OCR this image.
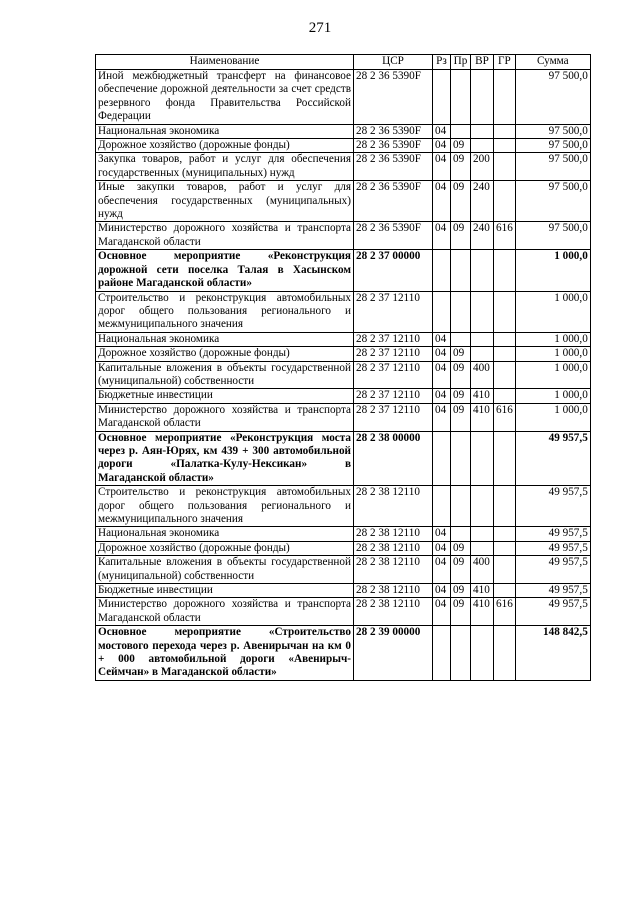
271
Наименование	ЦСР	Рз	Пр	ВР	ГР	Сумма
Иной межбюджетный трансферт на финансовое обеспечение дорожной деятельности за счет средств резервного фонда Правительства Российской Федерации	28 2 36 5390F					97 500,0
Национальная экономика	28 2 36 5390F	04				97 500,0
Дорожное хозяйство (дорожные фонды)	28 2 36 5390F	04	09			97 500,0
Закупка товаров, работ и услуг для обеспечения государственных (муниципальных) нужд	28 2 36 5390F	04	09	200		97 500,0
Иные закупки товаров, работ и услуг для обеспечения государственных (муниципальных) нужд	28 2 36 5390F	04	09	240		97 500,0
Министерство дорожного хозяйства и транспорта Магаданской области	28 2 36 5390F	04	09	240	616	97 500,0
Основное мероприятие «Реконструкция дорожной сети поселка Талая в Хасынском районе Магаданской области»	28 2 37 00000					1 000,0
Строительство и реконструкция автомобильных дорог общего пользования регионального и межмуниципального значения	28 2 37 12110					1 000,0
Национальная экономика	28 2 37 12110	04				1 000,0
Дорожное хозяйство (дорожные фонды)	28 2 37 12110	04	09			1 000,0
Капитальные вложения в объекты государственной (муниципальной) собственности	28 2 37 12110	04	09	400		1 000,0
Бюджетные инвестиции	28 2 37 12110	04	09	410		1 000,0
Министерство дорожного хозяйства и транспорта Магаданской области	28 2 37 12110	04	09	410	616	1 000,0
Основное мероприятие «Реконструкция моста через р. Аян-Юрях, км 439 + 300 автомобильной дороги «Палатка-Кулу-Нексикан» в Магаданской области»	28 2 38 00000					49 957,5
Строительство и реконструкция автомобильных дорог общего пользования регионального и межмуниципального значения	28 2 38 12110					49 957,5
Национальная экономика	28 2 38 12110	04				49 957,5
Дорожное хозяйство (дорожные фонды)	28 2 38 12110	04	09			49 957,5
Капитальные вложения в объекты государственной (муниципальной) собственности	28 2 38 12110	04	09	400		49 957,5
Бюджетные инвестиции	28 2 38 12110	04	09	410		49 957,5
Министерство дорожного хозяйства и транспорта Магаданской области	28 2 38 12110	04	09	410	616	49 957,5
Основное мероприятие «Строительство мостового перехода через р. Авенирычан на км 0 + 000 автомобильной дороги «Авенирыч-Сеймчан» в Магаданской области»	28 2 39 00000					148 842,5
